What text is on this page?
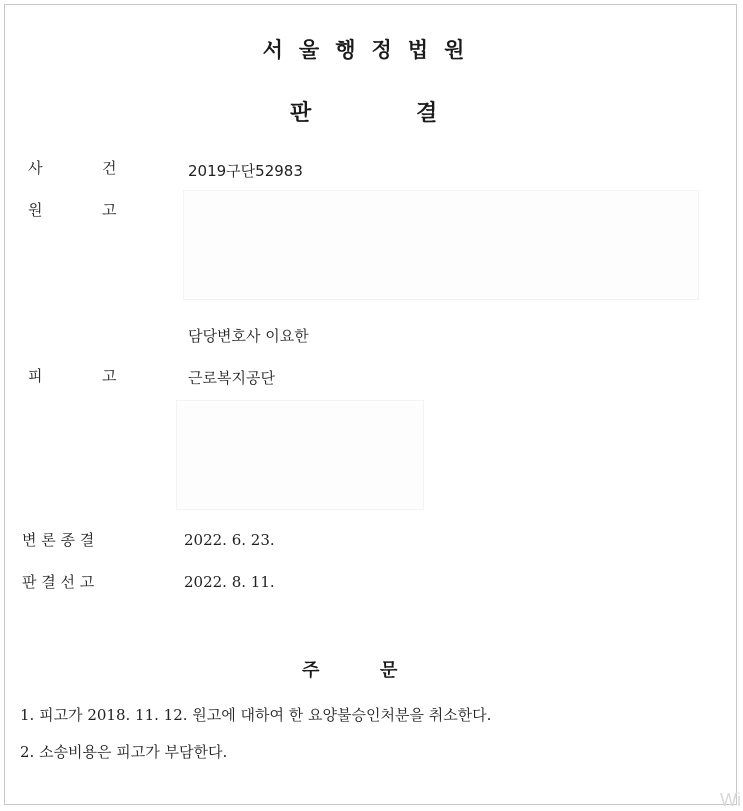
서울행정법원
판	결
사	건	2019구단52983
원	고
담당변호사 이요한
피	고	근로복지공단
변 론 종 결	2022. 6. 23.
판 결 선 고	2022. 8. 11.
주	문
1. 피고가 2018. 11. 12. 원고에 대하여 한 요양불승인처분을 취소한다.
2. 소송비용은 피고가 부담한다.
Wi
